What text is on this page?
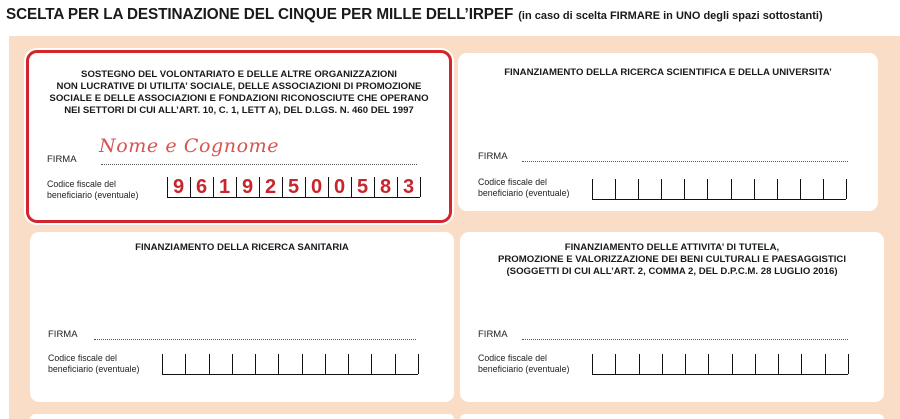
SCELTA PER LA DESTINAZIONE DEL CINQUE PER MILLE DELL’IRPEF (in caso di scelta FIRMARE in UNO degli spazi sottostanti)
SOSTEGNO DEL VOLONTARIATO E DELLE ALTRE ORGANIZZAZIONI
NON LUCRATIVE DI UTILITA’ SOCIALE, DELLE ASSOCIAZIONI DI PROMOZIONE
SOCIALE E DELLE ASSOCIAZIONI E FONDAZIONI RICONOSCIUTE CHE OPERANO
NEI SETTORI DI CUI ALL’ART. 10, C. 1, LETT A), DEL D.LGS. N. 460 DEL 1997
Nome e Cognome
FIRMA
Codice fiscale del
beneficiario (eventuale) 9 6 1 9 2 5 0 0 5 8 3
FINANZIAMENTO DELLA RICERCA SCIENTIFICA E DELLA UNIVERSITA’
FIRMA
Codice fiscale del
beneficiario (eventuale)
FINANZIAMENTO DELLA RICERCA SANITARIA
FIRMA
Codice fiscale del
beneficiario (eventuale)
FINANZIAMENTO DELLE ATTIVITA’ DI TUTELA,
PROMOZIONE E VALORIZZAZIONE DEI BENI CULTURALI E PAESAGGISTICI
(SOGGETTI DI CUI ALL’ART. 2, COMMA 2, DEL D.P.C.M. 28 LUGLIO 2016)
FIRMA
Codice fiscale del
beneficiario (eventuale)
